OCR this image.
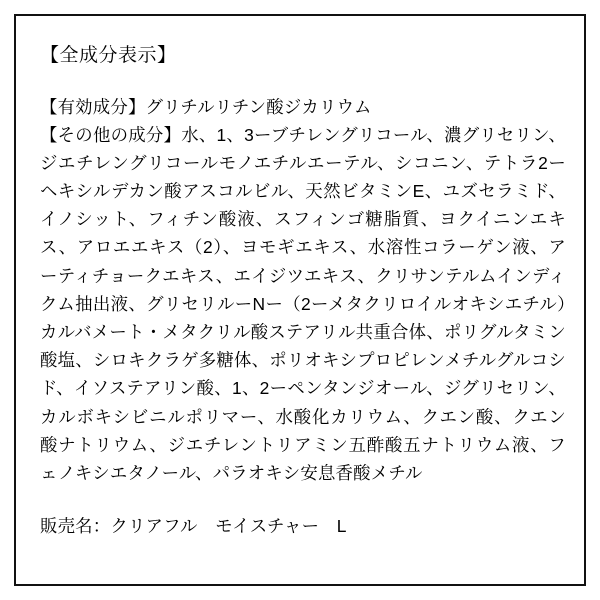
【全成分表示】

【有効成分】グリチルリチン酸ジカリウム

【その他の成分】水、1、3ーブチレングリコール、濃グリセリン、ジエチレングリコールモノエチルエーテル、シコニン、テトラ2ーヘキシルデカン酸アスコルビル、天然ビタミンE、ユズセラミド、イノシット、フィチン酸液、スフィンゴ糖脂質、ヨクイニンエキス、アロエエキス（2）、ヨモギエキス、水溶性コラーゲン液、アーティチョークエキス、エイジツエキス、クリサンテルムインディクム抽出液、グリセリルーNー（2ーメタクリロイルオキシエチル）カルバメート・メタクリル酸ステアリル共重合体、ポリグルタミン酸塩、シロキクラゲ多糖体、ポリオキシプロピレンメチルグルコシド、イソステアリン酸、1、2ーペンタンジオール、ジグリセリン、カルボキシビニルポリマー、水酸化カリウム、クエン酸、クエン酸ナトリウム、ジエチレントリアミン五酢酸五ナトリウム液、フェノキシエタノール、パラオキシ安息香酸メチル

販売名：クリアフル　モイスチャー　L
